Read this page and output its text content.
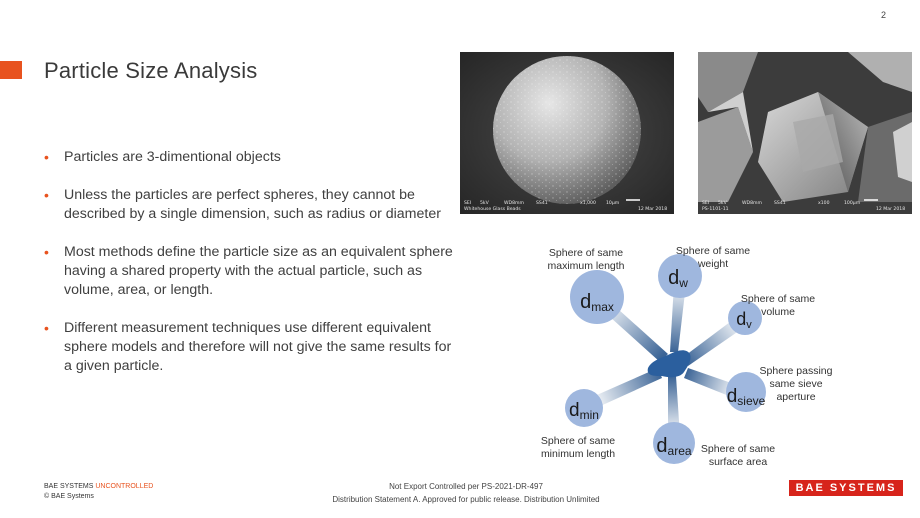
2
Particle Size Analysis
• Particles are 3-dimentional objects
• Unless the particles are perfect spheres, they cannot be described by a single dimension, such as radius or diameter
• Most methods define the particle size as an equivalent sphere having a shared property with the actual particle, such as volume, area, or length.
• Different measurement techniques use different equivalent sphere models and therefore will not give the same results for a given particle.
SEI 5kV	WD8mm	SS41	x1,000 10μm
Whitehouse Glass Beads	12 Mar 2018
SEI 5kV	WD8mm	SS41	x100	100μm
PS-1101-11	12 Mar 2018
dmax
dw
dv
dsieve
darea
dmin
Sphere of same
maximum length
Sphere of same
weight
Sphere of same
volume
Sphere passing
same sieve
aperture
Sphere of same
surface area
Sphere of same
minimum length
BAE SYSTEMS UNCONTROLLED
© BAE Systems
Not Export Controlled per PS-2021-DR-497
Distribution Statement A. Approved for public release. Distribution Unlimited
BAE SYSTEMS
